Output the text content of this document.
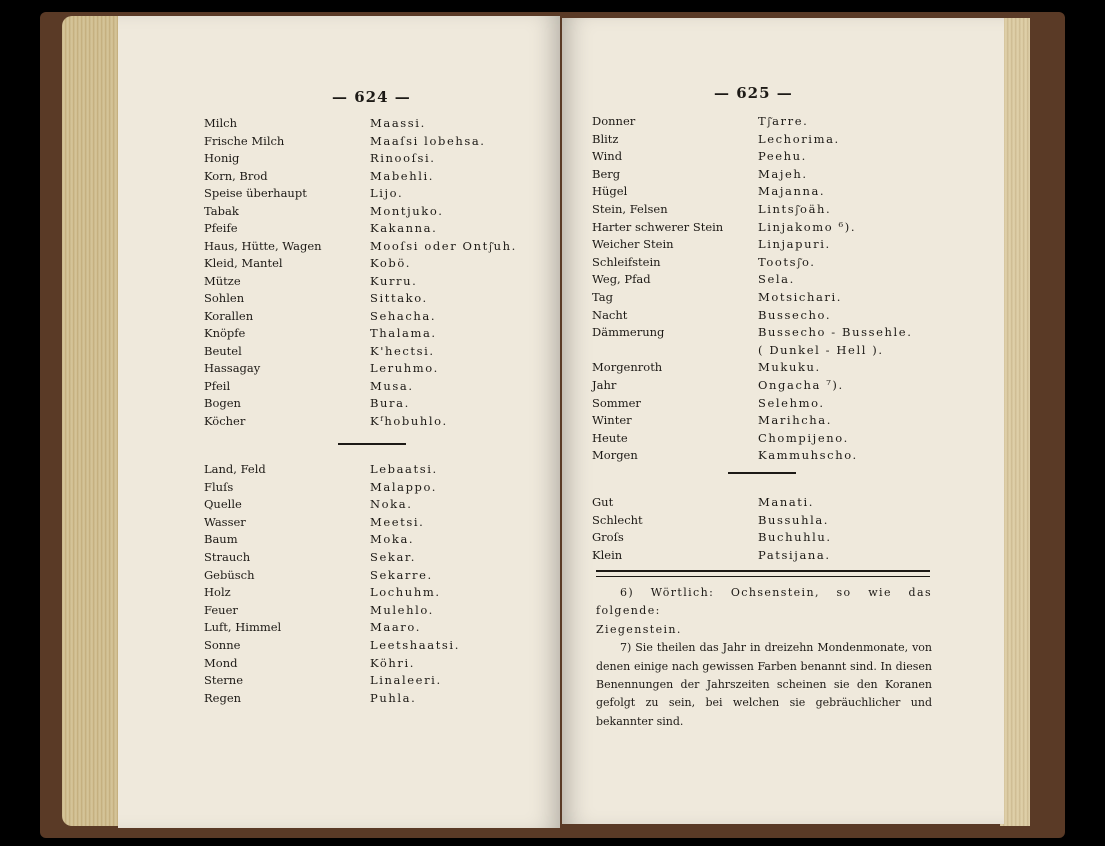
— 624 —
Milch	Maassi.
Frische Milch	Maaſsi lobehsa.
Honig	Rinooſsi.
Korn, Brod	Mabehli.
Speise überhaupt	Lijo.
Tabak	Montjuko.
Pfeife	Kakanna.
Haus, Hütte, Wagen	Mooſsi oder Ontj͂uh.
Kleid, Mantel	Kobö.
Mütze	Kurru.
Sohlen	Sittako.
Korallen	Sehacha.
Knöpfe	Thalama.
Beutel	K'hectsi.
Hassagay	Leruhmo.
Pfeil	Musa.
Bogen	Bura.
Köcher	Kᶠhobuhlo.
Land, Feld	Lebaatsi.
Fluſs	Malappo.
Quelle	Noka.
Wasser	Meetsi.
Baum	Moka.
Strauch	Sekar.
Gebüsch	Sekarre.
Holz	Lochuhm.
Feuer	Mulehlo.
Luft, Himmel	Maaro.
Sonne	Leetshaatsi.
Mond	Köhri.
Sterne	Linaleeri.
Regen	Puhla.
— 625 —
Donner	Tj͂arre.
Blitz	Lechorima.
Wind	Peehu.
Berg	Majeh.
Hügel	Majanna.
Stein, Felsen	Lintsj͂oäh.
Harter schwerer Stein	Linjakomo ⁶).
Weicher Stein	Linjapuri.
Schleifstein	Tootsj͂o.
Weg, Pfad	Sela.
Tag	Motsichari.
Nacht	Bussecho.
Dämmerung	Bussecho - Bussehle.
( Dunkel - Hell ).
Morgenroth	Mukuku.
Jahr	Ongacha ⁷).
Sommer	Selehmo.
Winter	Marihcha.
Heute	Chompijeno.
Morgen	Kammuhscho.
Gut	Manati.
Schlecht	Bussuhla.
Groſs	Buchuhlu.
Klein	Patsijana.

6) Wörtlich: Ochsenstein, so wie das folgende:

Ziegenstein.

7) Sie theilen das Jahr in dreizehn Mondenmonate, von denen einige nach gewissen Farben benannt sind. In diesen Benennungen der Jahrszeiten scheinen sie den Koranen gefolgt zu sein, bei welchen sie gebräuchlicher und bekannter sind.
